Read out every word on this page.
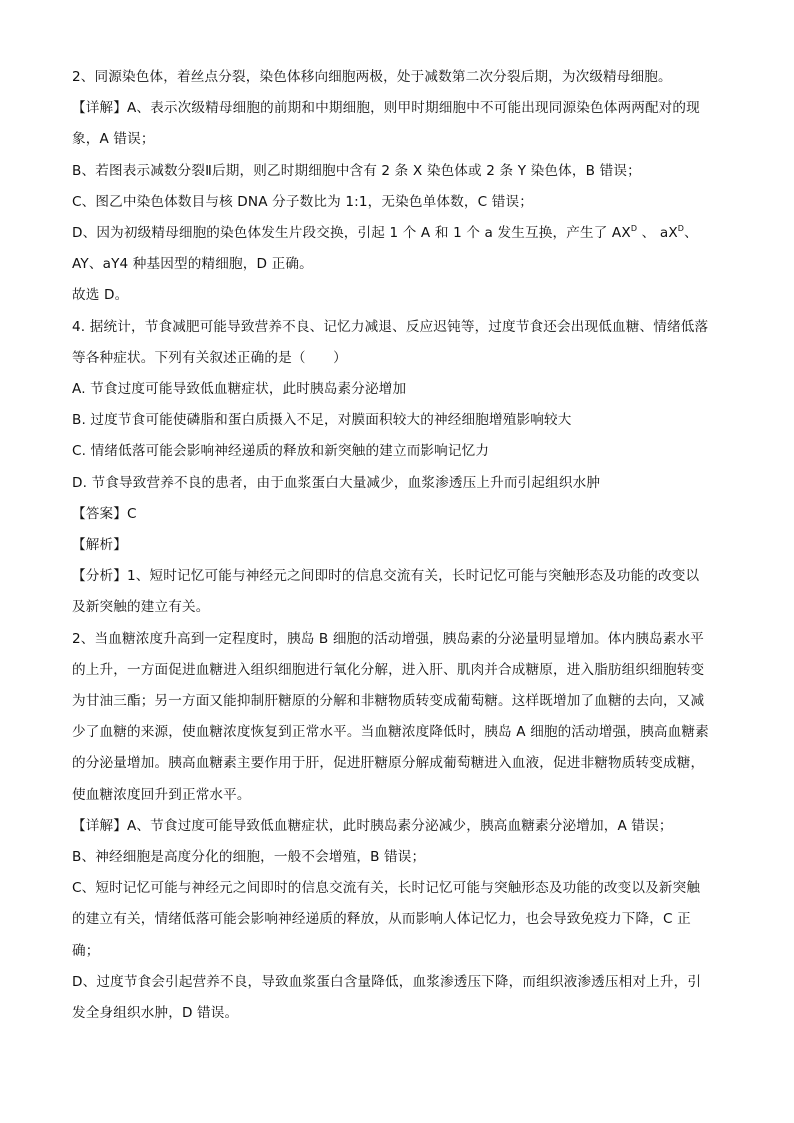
2、同源染色体，着丝点分裂，染色体移向细胞两极，处于减数第二次分裂后期，为次级精母细胞。
【详解】A、表示次级精母细胞的前期和中期细胞，则甲时期细胞中不可能出现同源染色体两两配对的现
象，A 错误；
B、若图表示减数分裂Ⅱ后期，则乙时期细胞中含有 2 条 X 染色体或 2 条 Y 染色体，B 错误；
C、图乙中染色体数目与核 DNA 分子数比为 1:1，无染色单体数，C 错误；
D、因为初级精母细胞的染色体发生片段交换，引起 1 个 A 和 1 个 a 发生互换，产生了 $AX^D$ 、 $aX^D$、
AY、aY4 种基因型的精细胞，D 正确。
故选 D。
4. 据统计，节食减肥可能导致营养不良、记忆力减退、反应迟钝等，过度节食还会出现低血糖、情绪低落
等各种症状。下列有关叙述正确的是（　　）
A. 节食过度可能导致低血糖症状，此时胰岛素分泌增加
B. 过度节食可能使磷脂和蛋白质摄入不足，对膜面积较大的神经细胞增殖影响较大
C. 情绪低落可能会影响神经递质的释放和新突触的建立而影响记忆力
D. 节食导致营养不良的患者，由于血浆蛋白大量减少，血浆渗透压上升而引起组织水肿
【答案】C
【解析】
【分析】1、短时记忆可能与神经元之间即时的信息交流有关，长时记忆可能与突触形态及功能的改变以
及新突触的建立有关。
2、当血糖浓度升高到一定程度时，胰岛 B 细胞的活动增强，胰岛素的分泌量明显增加。体内胰岛素水平
的上升，一方面促进血糖进入组织细胞进行氧化分解，进入肝、肌肉并合成糖原，进入脂肪组织细胞转变
为甘油三酯；另一方面又能抑制肝糖原的分解和非糖物质转变成葡萄糖。这样既增加了血糖的去向，又减
少了血糖的来源，使血糖浓度恢复到正常水平。当血糖浓度降低时，胰岛 A 细胞的活动增强，胰高血糖素
的分泌量增加。胰高血糖素主要作用于肝，促进肝糖原分解成葡萄糖进入血液，促进非糖物质转变成糖，
使血糖浓度回升到正常水平。
【详解】A、节食过度可能导致低血糖症状，此时胰岛素分泌减少，胰高血糖素分泌增加，A 错误；
B、神经细胞是高度分化的细胞，一般不会增殖，B 错误；
C、短时记忆可能与神经元之间即时的信息交流有关，长时记忆可能与突触形态及功能的改变以及新突触
的建立有关，情绪低落可能会影响神经递质的释放，从而影响人体记忆力，也会导致免疫力下降，C 正
确；
D、过度节食会引起营养不良，导致血浆蛋白含量降低，血浆渗透压下降，而组织液渗透压相对上升，引
发全身组织水肿，D 错误。
